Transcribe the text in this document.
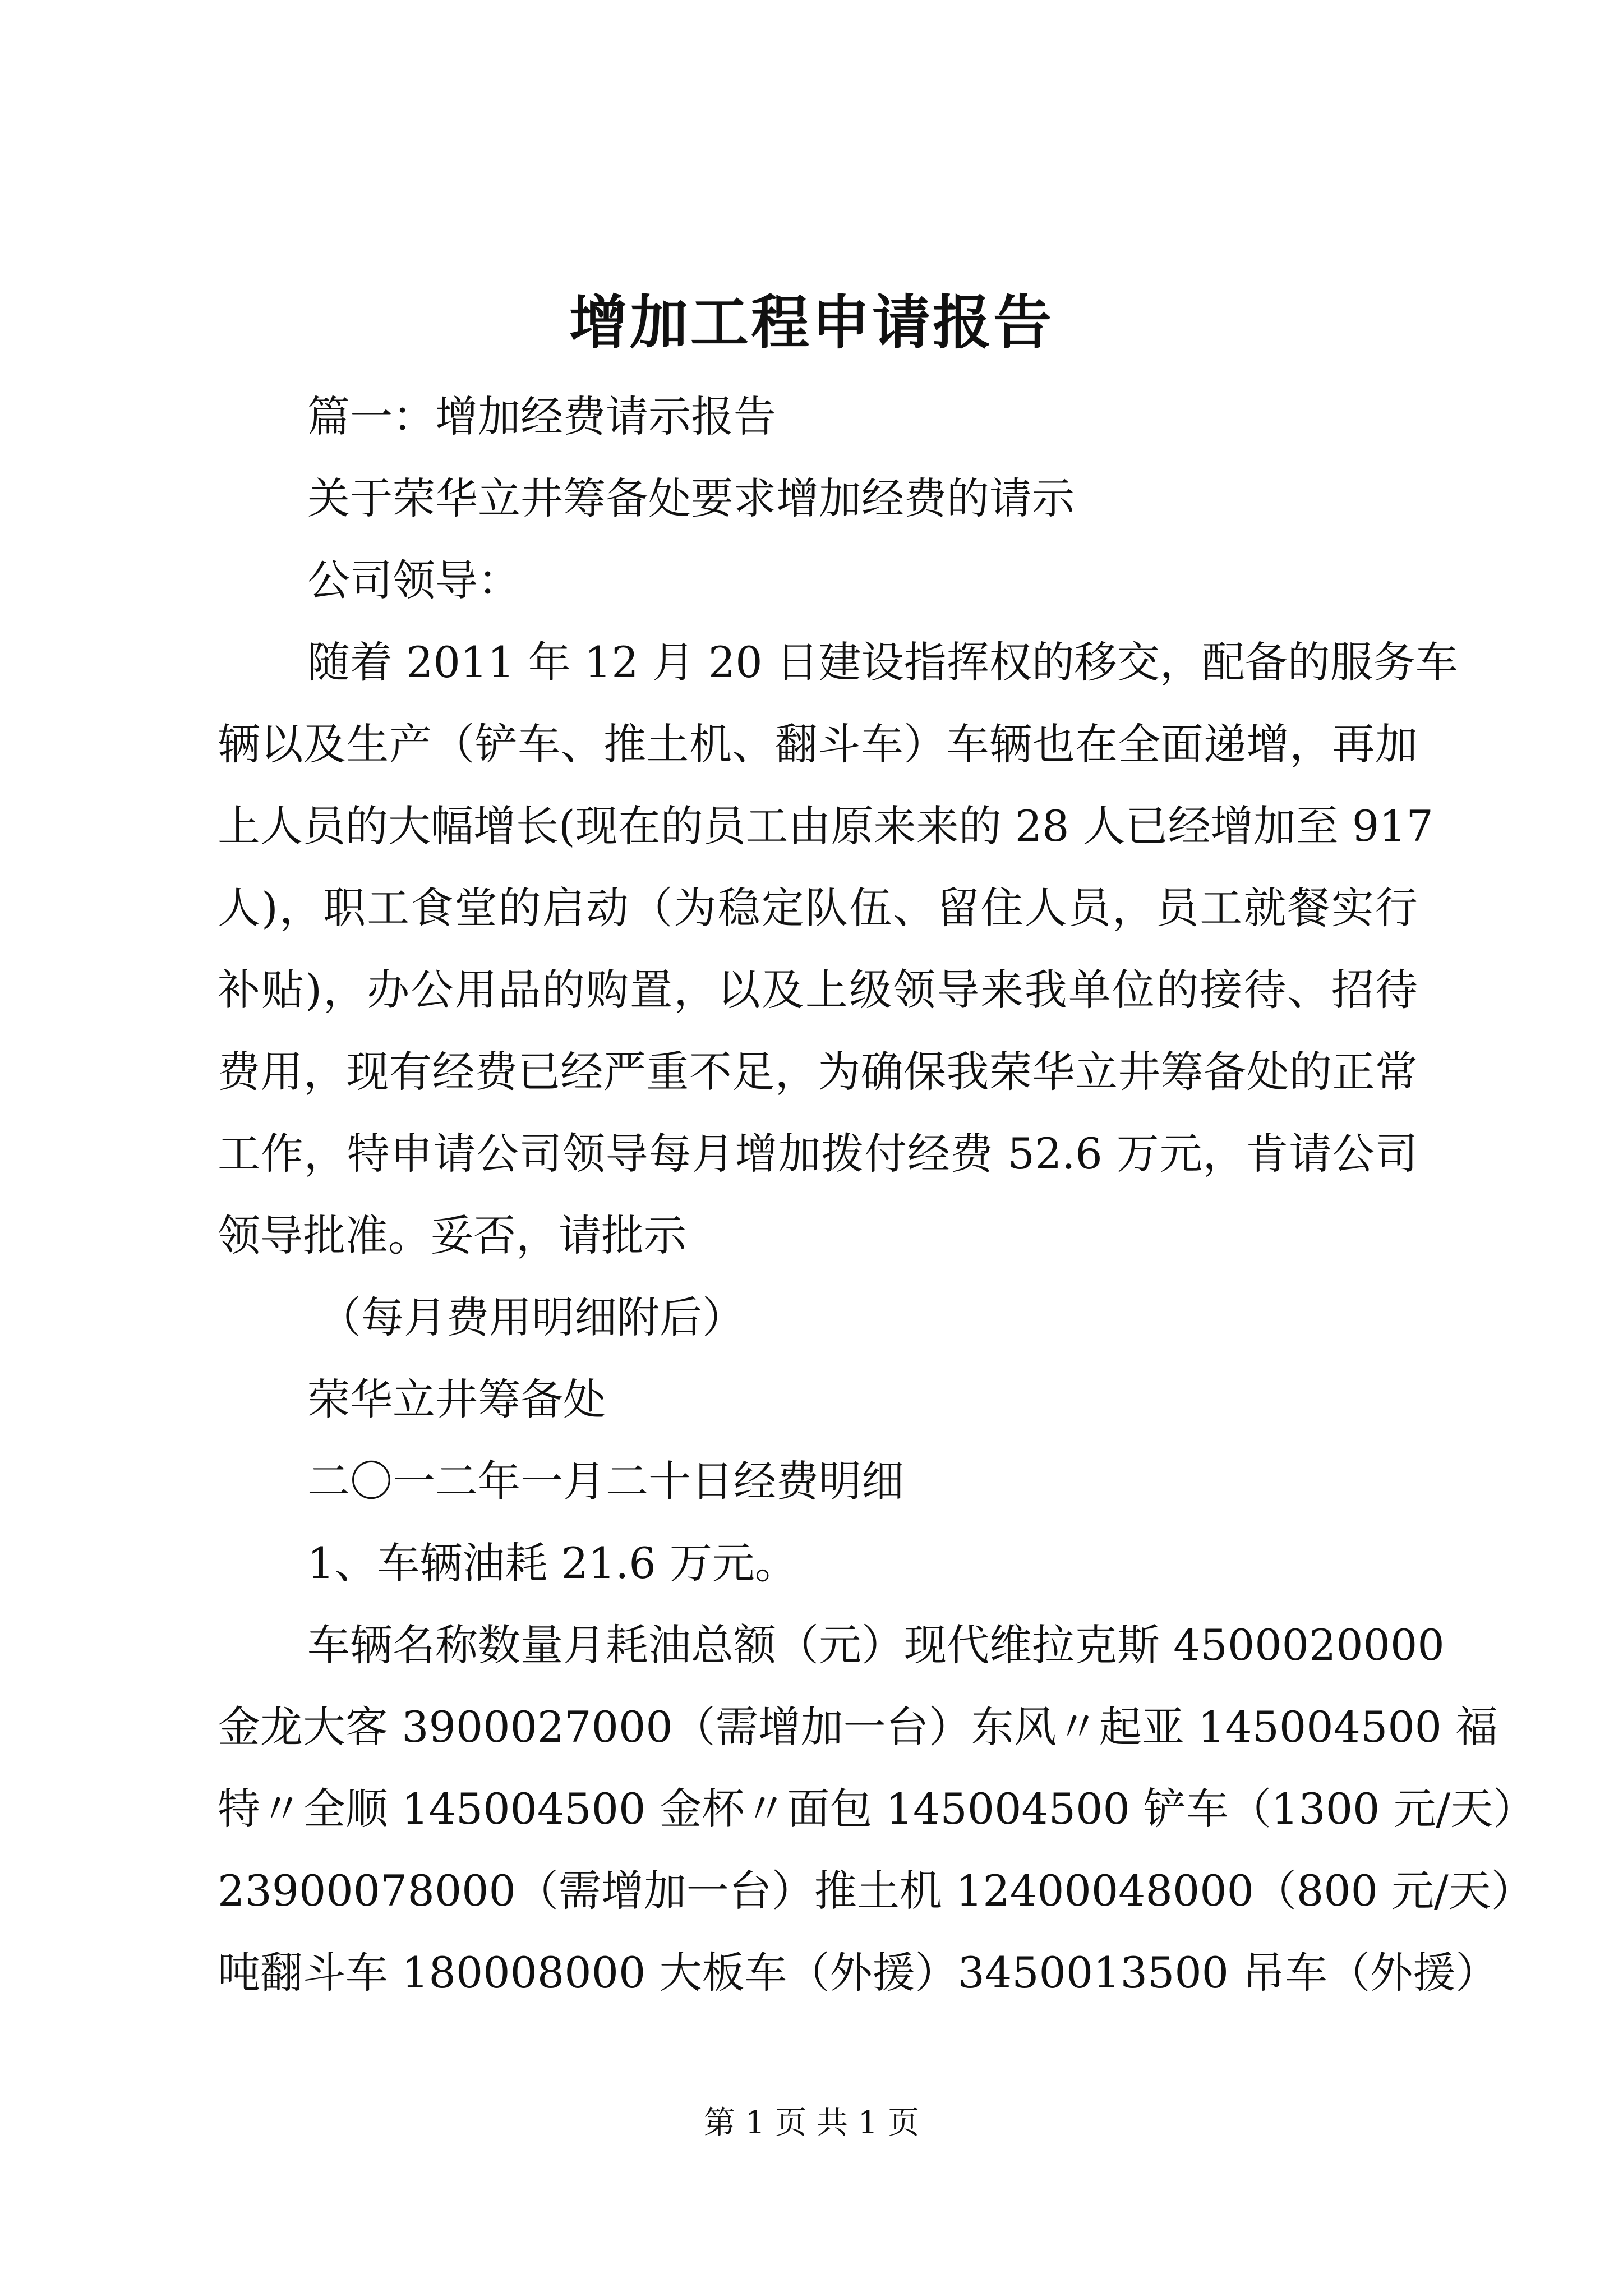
增加工程申请报告
篇一：增加经费请示报告
关于荣华立井筹备处要求增加经费的请示
公司领导：
随着 2011 年 12 月 20 日建设指挥权的移交，配备的服务车
辆以及生产（铲车、推土机、翻斗车）车辆也在全面递增，再加
上人员的大幅增长(现在的员工由原来来的 28 人已经增加至 917
人)，职工食堂的启动（为稳定队伍、留住人员，员工就餐实行
补贴)，办公用品的购置，以及上级领导来我单位的接待、招待
费用，现有经费已经严重不足，为确保我荣华立井筹备处的正常
工作，特申请公司领导每月增加拨付经费 52.6 万元，肯请公司
领导批准。妥否，请批示
（每月费用明细附后）
荣华立井筹备处
二〇一二年一月二十日经费明细
1、车辆油耗 21.6 万元。
车辆名称数量月耗油总额（元）现代维拉克斯 4500020000
金龙大客 3900027000（需增加一台）东风〃起亚 145004500 福
特〃全顺 145004500 金杯〃面包 145004500 铲车（1300 元/天）
23900078000（需增加一台）推土机 12400048000（800 元/天）
吨翻斗车 180008000 大板车（外援）3450013500 吊车（外援）
第 1 页 共 1 页
